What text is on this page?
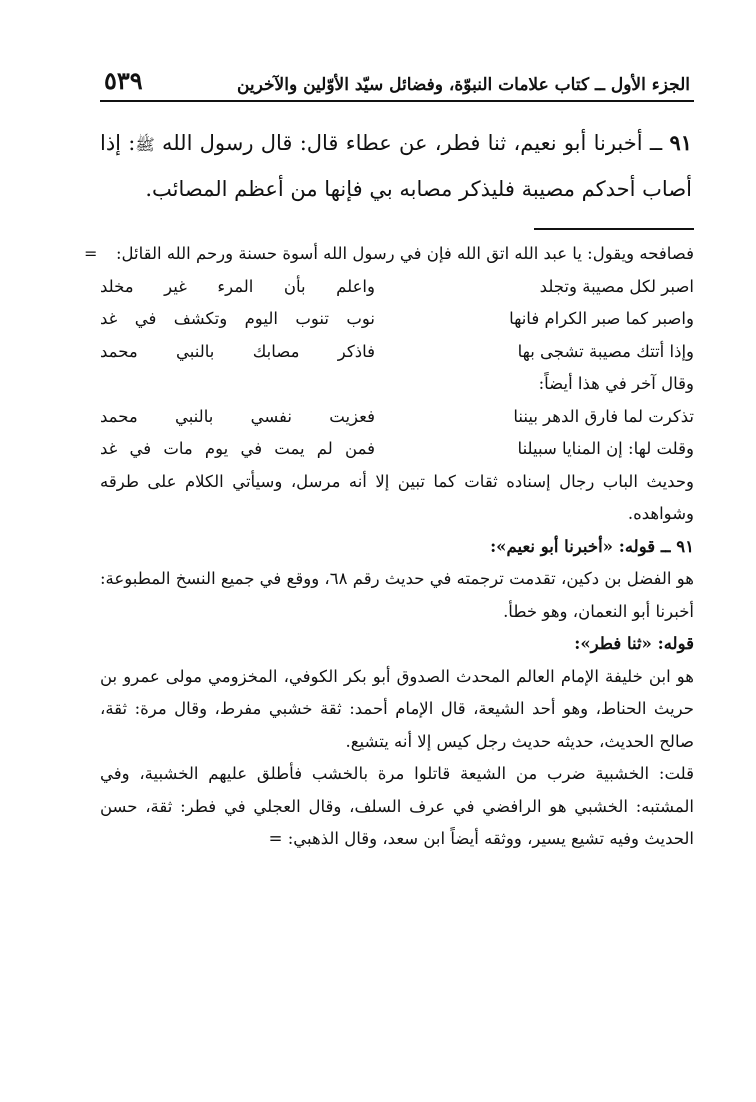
الجزء الأول ــ كتاب علامات النبوّة، وفضائل سيّد الأوّلين والآخرين
٥٣٩
٩١ ــ أخبرنا أبو نعيم، ثنا فطر، عن عطاء قال: قال رسول الله ﷺ: إذا أصاب أحدكم مصيبة فليذكر مصابه بي فإنها من أعظم المصائب.
=	فصافحه ويقول: يا عبد الله اتق الله فإن في رسول الله أسوة حسنة ورحم الله القائل:

اصبر لكل مصيبة وتجلد
واعلم بأن المرء غير مخلد
واصبر كما صبر الكرام فانها
نوب تنوب اليوم وتكشف في غد
وإذا أتتك مصيبة تشجى بها
فاذكر مصابك بالنبي محمد

وقال آخر في هذا أيضاً:

تذكرت لما فارق الدهر بيننا
فعزيت نفسي بالنبي محمد
وقلت لها: إن المنايا سبيلنا
فمن لم يمت في يوم مات في غد

وحديث الباب رجال إسناده ثقات كما تبين إلا أنه مرسل، وسيأتي الكلام على طرقه وشواهده.

٩١ ــ قوله: «أخبرنا أبو نعيم»:

هو الفضل بن دكين، تقدمت ترجمته في حديث رقم ٦٨، ووقع في جميع النسخ المطبوعة: أخبرنا أبو النعمان، وهو خطأ.

قوله: «ثنا فطر»:

هو ابن خليفة الإمام العالم المحدث الصدوق أبو بكر الكوفي، المخزومي مولى عمرو بن حريث الحناط، وهو أحد الشيعة، قال الإمام أحمد: ثقة خشبي مفرط، وقال مرة: ثقة، صالح الحديث، حديثه حديث رجل كيس إلا أنه يتشيع.

قلت: الخشبية ضرب من الشيعة قاتلوا مرة بالخشب فأطلق عليهم الخشبية، وفي المشتبه: الخشبي هو الرافضي في عرف السلف، وقال العجلي في فطر: ثقة، حسن الحديث وفيه تشيع يسير، ووثقه أيضاً ابن سعد، وقال الذهبي: =
